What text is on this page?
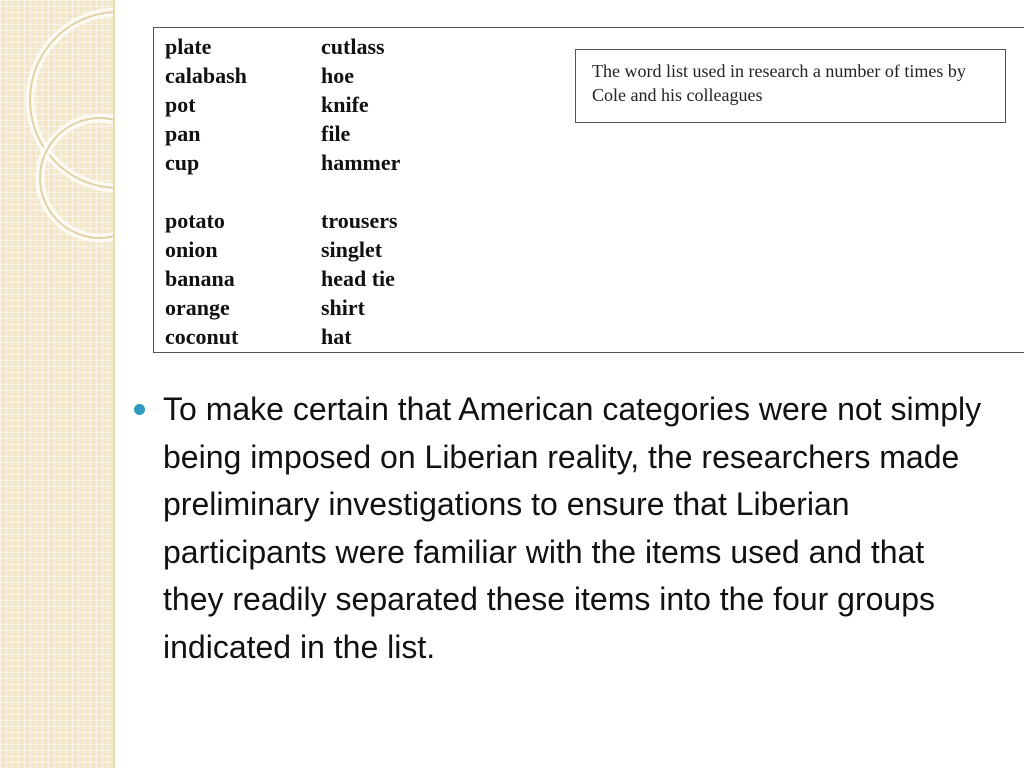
plate
calabash
pot
pan
cup
potato
onion
banana
orange
coconut
cutlass
hoe
knife
file
hammer
trousers
singlet
head tie
shirt
hat
The word list used in research a number of times by Cole and his colleagues
To make certain that American categories were not simply being imposed on Liberian reality, the researchers made preliminary investigations to ensure that Liberian participants were familiar with the items used and that they readily separated these items into the four groups indicated in the list.
